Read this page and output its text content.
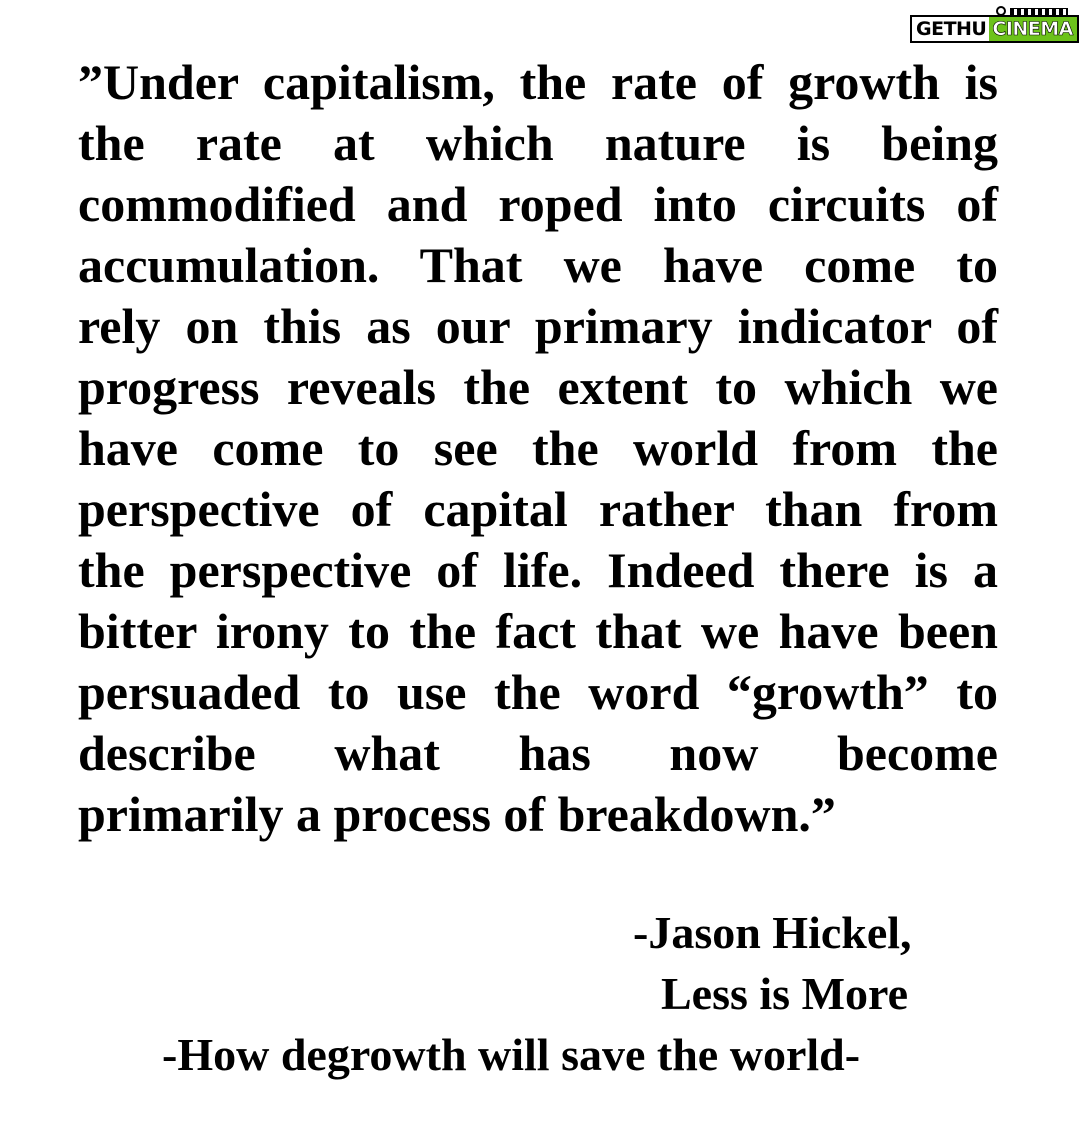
GETHU CINEMA

”Under capitalism, the rate of growth is
the rate at which nature is being
commodified and roped into circuits of
accumulation. That we have come to
rely on this as our primary indicator of
progress reveals the extent to which we
have come to see the world from the
perspective of capital rather than from
the perspective of life. Indeed there is a
bitter irony to the fact that we have been
persuaded to use the word “growth” to
describe what has now become
primarily a process of breakdown.”

-Jason Hickel,
Less is More
-How degrowth will save the world-
